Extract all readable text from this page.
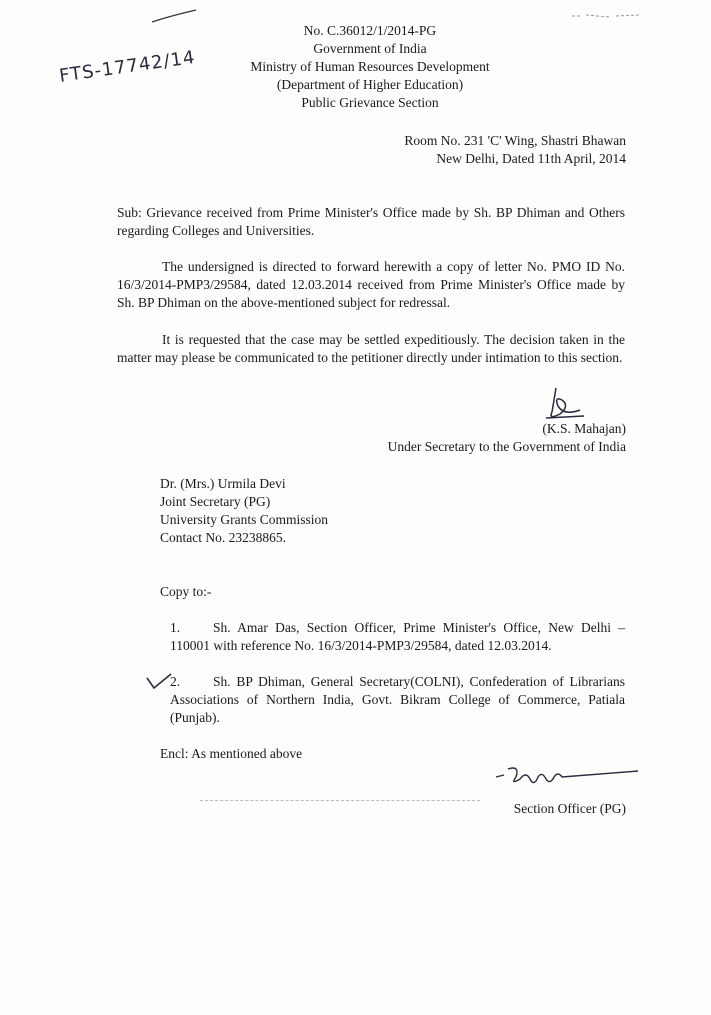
No. C.36012/1/2014-PG
Government of India
Ministry of Human Resources Development
(Department of Higher Education)
Public Grievance Section
FTS-17742/14
Room No. 231 'C' Wing, Shastri Bhawan
New Delhi, Dated 11th April, 2014
Sub: Grievance received from Prime Minister's Office made by Sh. BP Dhiman and Others regarding Colleges and Universities.
The undersigned is directed to forward herewith a copy of letter No. PMO ID No. 16/3/2014-PMP3/29584, dated 12.03.2014 received from Prime Minister's Office made by Sh. BP Dhiman on the above-mentioned subject for redressal.
It is requested that the case may be settled expeditiously. The decision taken in the matter may please be communicated to the petitioner directly under intimation to this section.
(K.S. Mahajan)
Under Secretary to the Government of India
Dr. (Mrs.) Urmila Devi
Joint Secretary (PG)
University Grants Commission
Contact No. 23238865.
Copy to:-
1.	Sh. Amar Das, Section Officer, Prime Minister's Office, New Delhi – 110001 with reference No. 16/3/2014-PMP3/29584, dated 12.03.2014.
2.	Sh. BP Dhiman, General Secretary(COLNI), Confederation of Librarians Associations of Northern India, Govt. Bikram College of Commerce, Patiala (Punjab).
Encl: As mentioned above
Section Officer (PG)
